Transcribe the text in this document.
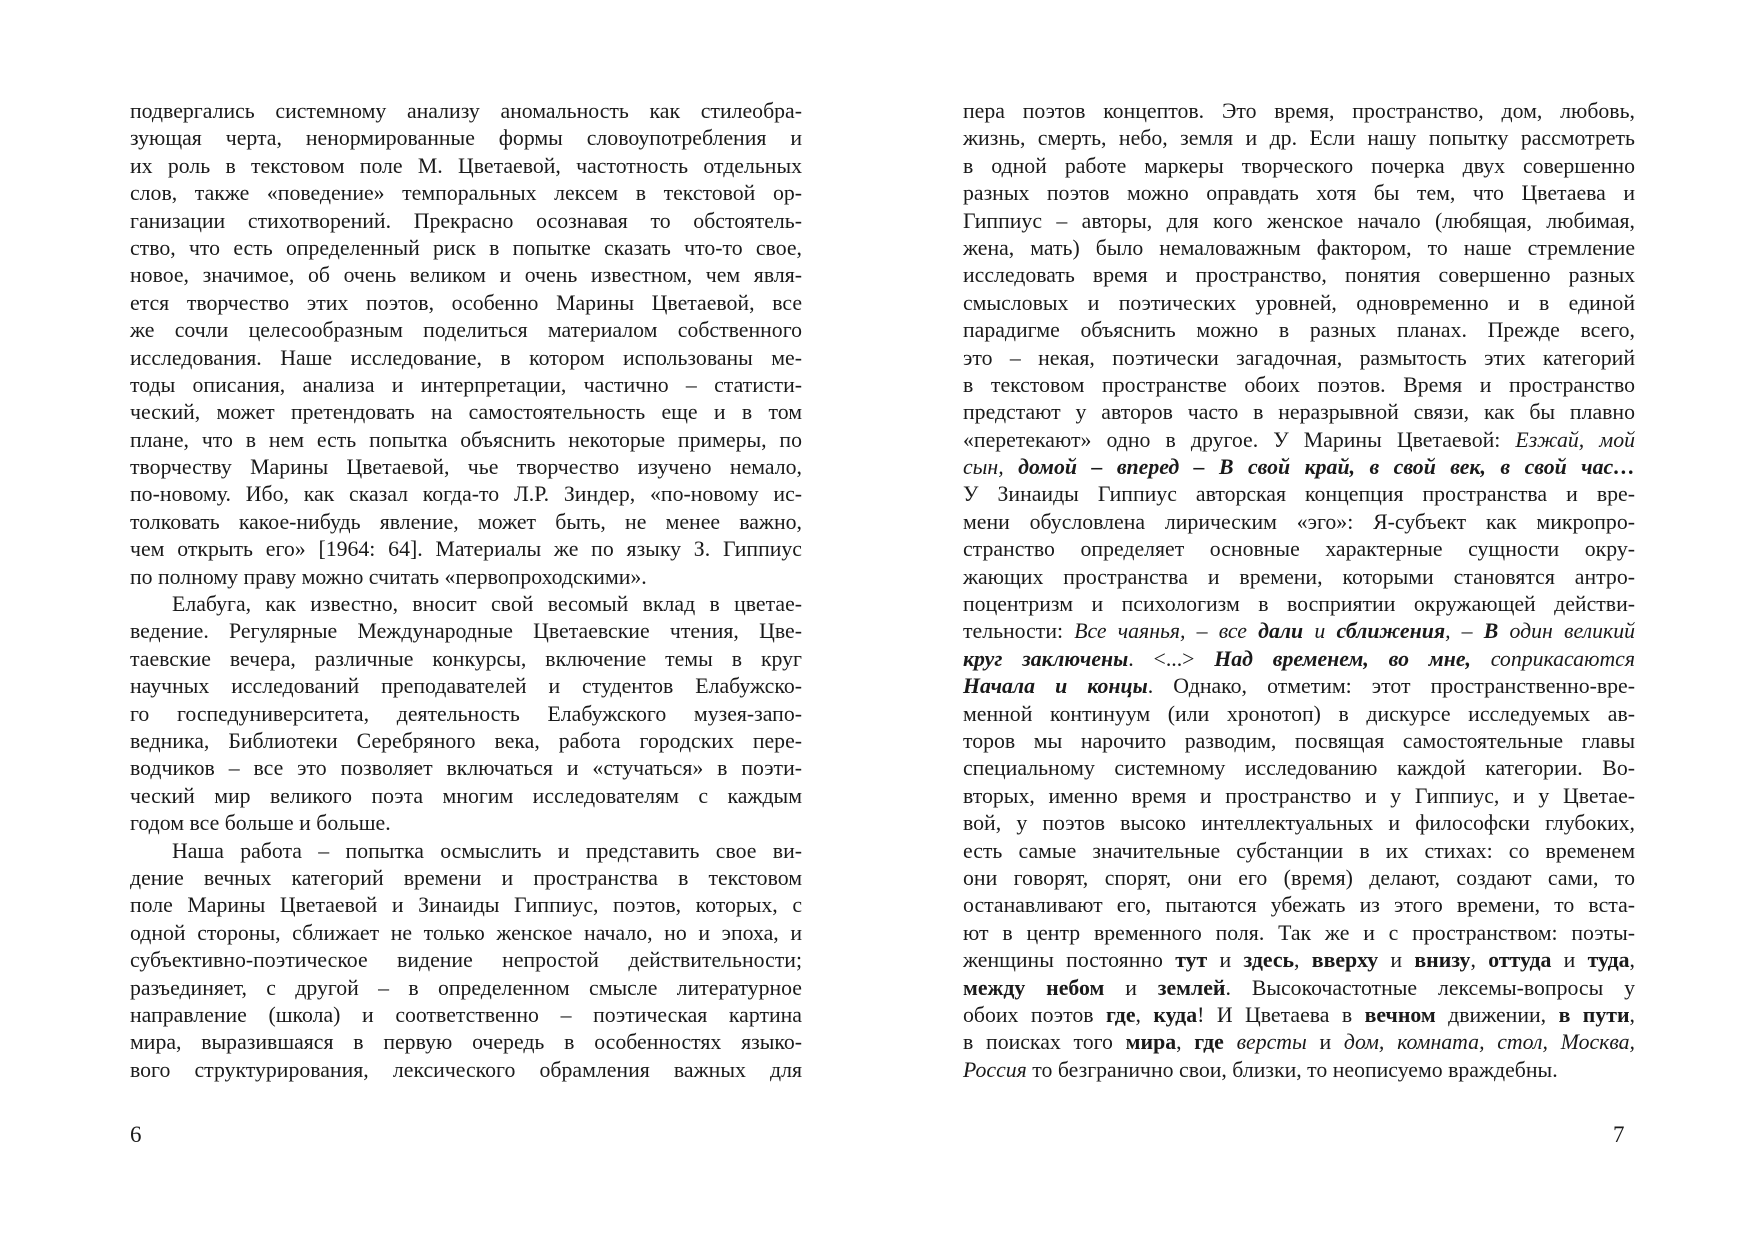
подвергались системному анализу аномальность как стилеобра-
зующая черта, ненормированные формы словоупотребления и
их роль в текстовом поле М. Цветаевой, частотность отдельных
слов, также «поведение» темпоральных лексем в текстовой ор-
ганизации стихотворений. Прекрасно осознавая то обстоятель-
ство, что есть определенный риск в попытке сказать что-то свое,
новое, значимое, об очень великом и очень известном, чем явля-
ется творчество этих поэтов, особенно Марины Цветаевой, все
же сочли целесообразным поделиться материалом собственного
исследования. Наше исследование, в котором использованы ме-
тоды описания, анализа и интерпретации, частично – статисти-
ческий, может претендовать на самостоятельность еще и в том
плане, что в нем есть попытка объяснить некоторые примеры, по
творчеству Марины Цветаевой, чье творчество изучено немало,
по-новому. Ибо, как сказал когда-то Л.Р. Зиндер, «по-новому ис-
толковать какое-нибудь явление, может быть, не менее важно,
чем открыть его» [1964: 64]. Материалы же по языку З. Гиппиус
по полному праву можно считать «первопроходскими».
Елабуга, как известно, вносит свой весомый вклад в цветае-
ведение. Регулярные Международные Цветаевские чтения, Цве-
таевские вечера, различные конкурсы, включение темы в круг
научных исследований преподавателей и студентов Елабужско-
го госпедуниверситета, деятельность Елабужского музея-запо-
ведника, Библиотеки Серебряного века, работа городских пере-
водчиков – все это позволяет включаться и «стучаться» в поэти-
ческий мир великого поэта многим исследователям с каждым
годом все больше и больше.
Наша работа – попытка осмыслить и представить свое ви-
дение вечных категорий времени и пространства в текстовом
поле Марины Цветаевой и Зинаиды Гиппиус, поэтов, которых, с
одной стороны, сближает не только женское начало, но и эпоха, и
субъективно-поэтическое видение непростой действительности;
разъединяет, с другой – в определенном смысле литературное
направление (школа) и соответственно – поэтическая картина
мира, выразившаяся в первую очередь в особенностях языко-
вого структурирования, лексического обрамления важных для
пера поэтов концептов. Это время, пространство, дом, любовь,
жизнь, смерть, небо, земля и др. Если нашу попытку рассмотреть
в одной работе маркеры творческого почерка двух совершенно
разных поэтов можно оправдать хотя бы тем, что Цветаева и
Гиппиус – авторы, для кого женское начало (любящая, любимая,
жена, мать) было немаловажным фактором, то наше стремление
исследовать время и пространство, понятия совершенно разных
смысловых и поэтических уровней, одновременно и в единой
парадигме объяснить можно в разных планах. Прежде всего,
это – некая, поэтически загадочная, размытость этих категорий
в текстовом пространстве обоих поэтов. Время и пространство
предстают у авторов часто в неразрывной связи, как бы плавно
«перетекают» одно в другое. У Марины Цветаевой: Езжай, мой
сын, домой – вперед – В свой край, в свой век, в свой час…
У Зинаиды Гиппиус авторская концепция пространства и вре-
мени обусловлена лирическим «эго»: Я-субъект как микропро-
странство определяет основные характерные сущности окру-
жающих пространства и времени, которыми становятся антро-
поцентризм и психологизм в восприятии окружающей действи-
тельности: Все чаянья, – все дали и сближения, – В один великий
круг заключены. <...> Над временем, во мне, соприкасаются
Начала и концы. Однако, отметим: этот пространственно-вре-
менной континуум (или хронотоп) в дискурсе исследуемых ав-
торов мы нарочито разводим, посвящая самостоятельные главы
специальному системному исследованию каждой категории. Во-
вторых, именно время и пространство и у Гиппиус, и у Цветае-
вой, у поэтов высоко интеллектуальных и философски глубоких,
есть самые значительные субстанции в их стихах: со временем
они говорят, спорят, они его (время) делают, создают сами, то
останавливают его, пытаются убежать из этого времени, то вста-
ют в центр временного поля. Так же и с пространством: поэты-
женщины постоянно тут и здесь, вверху и внизу, оттуда и туда,
между небом и землей. Высокочастотные лексемы-вопросы у
обоих поэтов где, куда! И Цветаева в вечном движении, в пути,
в поисках того мира, где версты и дом, комната, стол, Москва,
Россия то безгранично свои, близки, то неописуемо враждебны.
6	7
